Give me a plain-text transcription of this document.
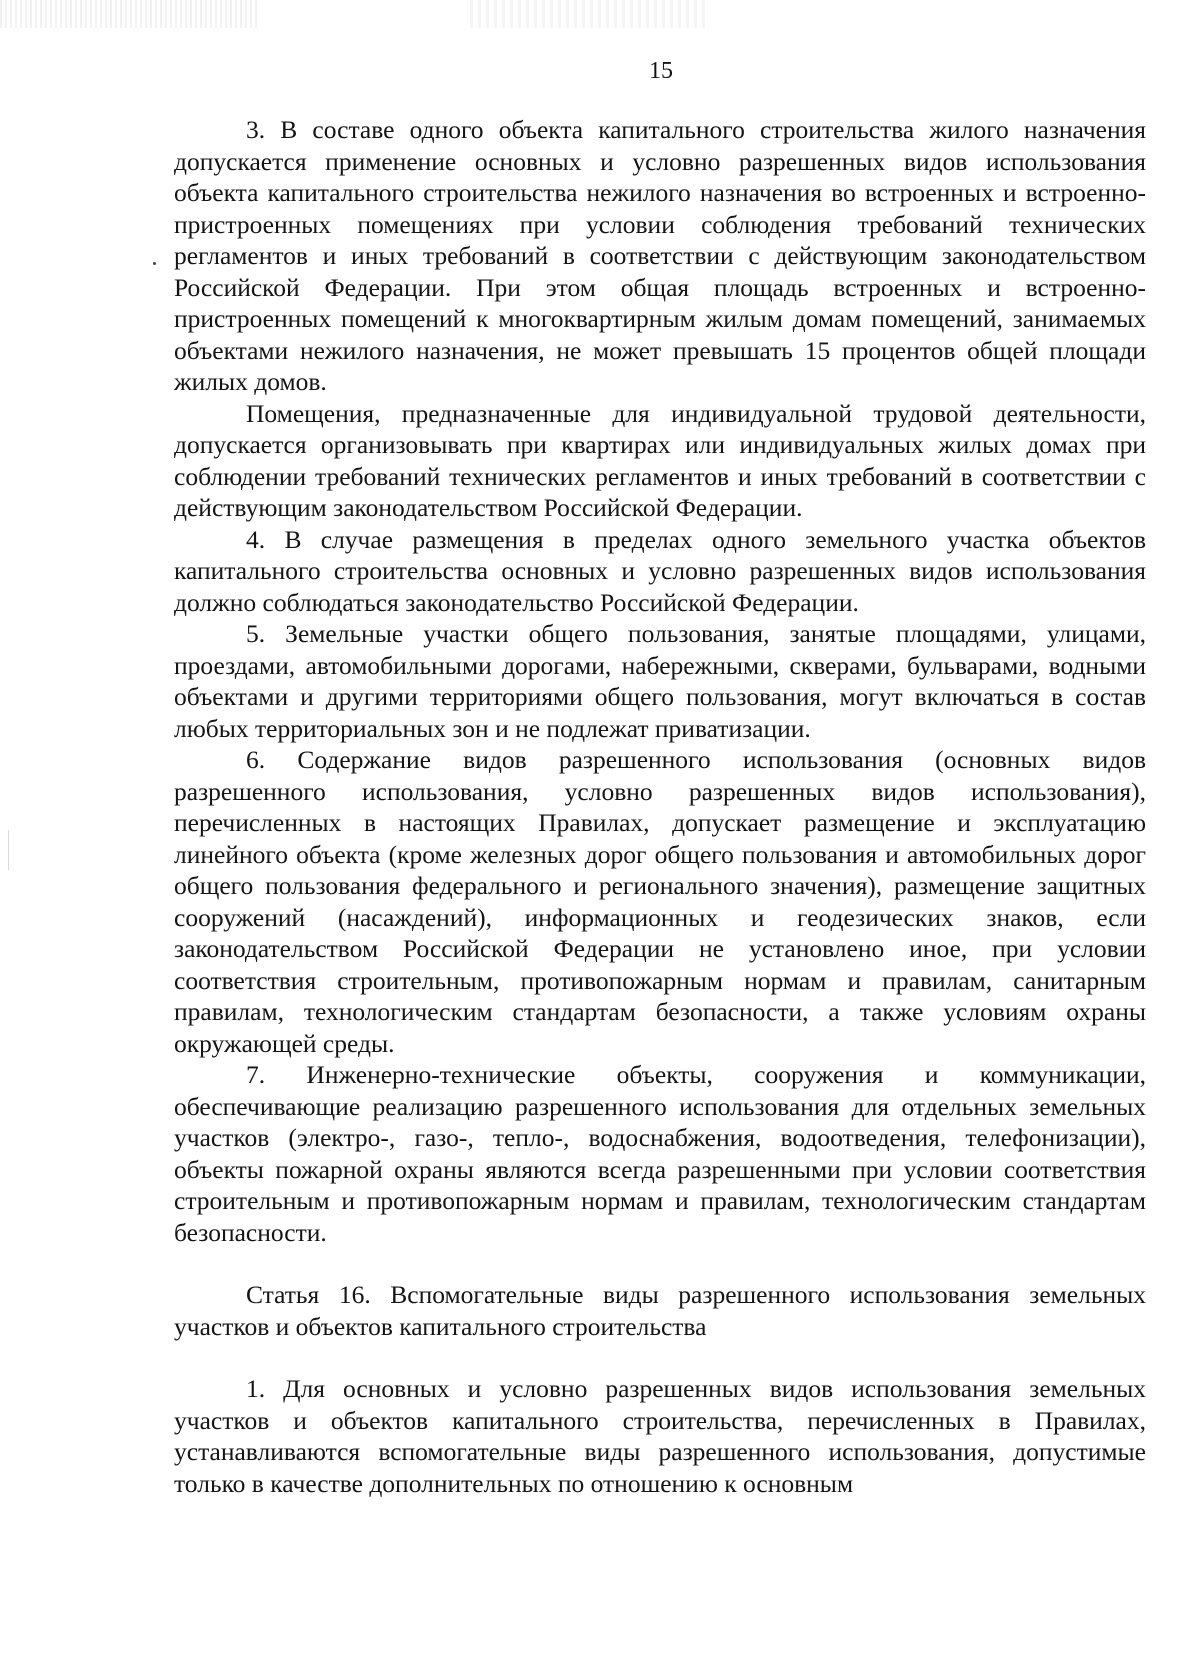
15

3. В составе одного объекта капитального строительства жилого назначения допускается применение основных и условно разрешенных видов использования объекта капитального строительства нежилого назначения во встроенных и встроенно-пристроенных помещениях при условии соблюдения требований технических регламентов и иных требований в соответствии с действующим законодательством Российской Федерации. При этом общая площадь встроенных и встроенно-пристроенных помещений к многоквартирным жилым домам помещений, занимаемых объектами нежилого назначения, не может превышать 15 процентов общей площади жилых домов.

Помещения, предназначенные для индивидуальной трудовой деятельности, допускается организовывать при квартирах или индивидуальных жилых домах при соблюдении требований технических регламентов и иных требований в соответствии с действующим законодательством Российской Федерации.

4. В случае размещения в пределах одного земельного участка объектов капитального строительства основных и условно разрешенных видов использования должно соблюдаться законодательство Российской Федерации.

5. Земельные участки общего пользования, занятые площадями, улицами, проездами, автомобильными дорогами, набережными, скверами, бульварами, водными объектами и другими территориями общего пользования, могут включаться в состав любых территориальных зон и не подлежат приватизации.

6. Содержание видов разрешенного использования (основных видов разрешенного использования, условно разрешенных видов использования), перечисленных в настоящих Правилах, допускает размещение и эксплуатацию линейного объекта (кроме железных дорог общего пользования и автомобильных дорог общего пользования федерального и регионального значения), размещение защитных сооружений (насаждений), информационных и геодезических знаков, если законодательством Российской Федерации не установлено иное, при условии соответствия строительным, противопожарным нормам и правилам, санитарным правилам, технологическим стандартам безопасности, а также условиям охраны окружающей среды.

7. Инженерно-технические объекты, сооружения и коммуникации, обеспечивающие реализацию разрешенного использования для отдельных земельных участков (электро-, газо-, тепло-, водоснабжения, водоотведения, телефонизации), объекты пожарной охраны являются всегда разрешенными при условии соответствия строительным и противопожарным нормам и правилам, технологическим стандартам безопасности.

Статья 16. Вспомогательные виды разрешенного использования земельных участков и объектов капитального строительства

1. Для основных и условно разрешенных видов использования земельных участков и объектов капитального строительства, перечисленных в Правилах, устанавливаются вспомогательные виды разрешенного использования, допустимые только в качестве дополнительных по отношению к основным
